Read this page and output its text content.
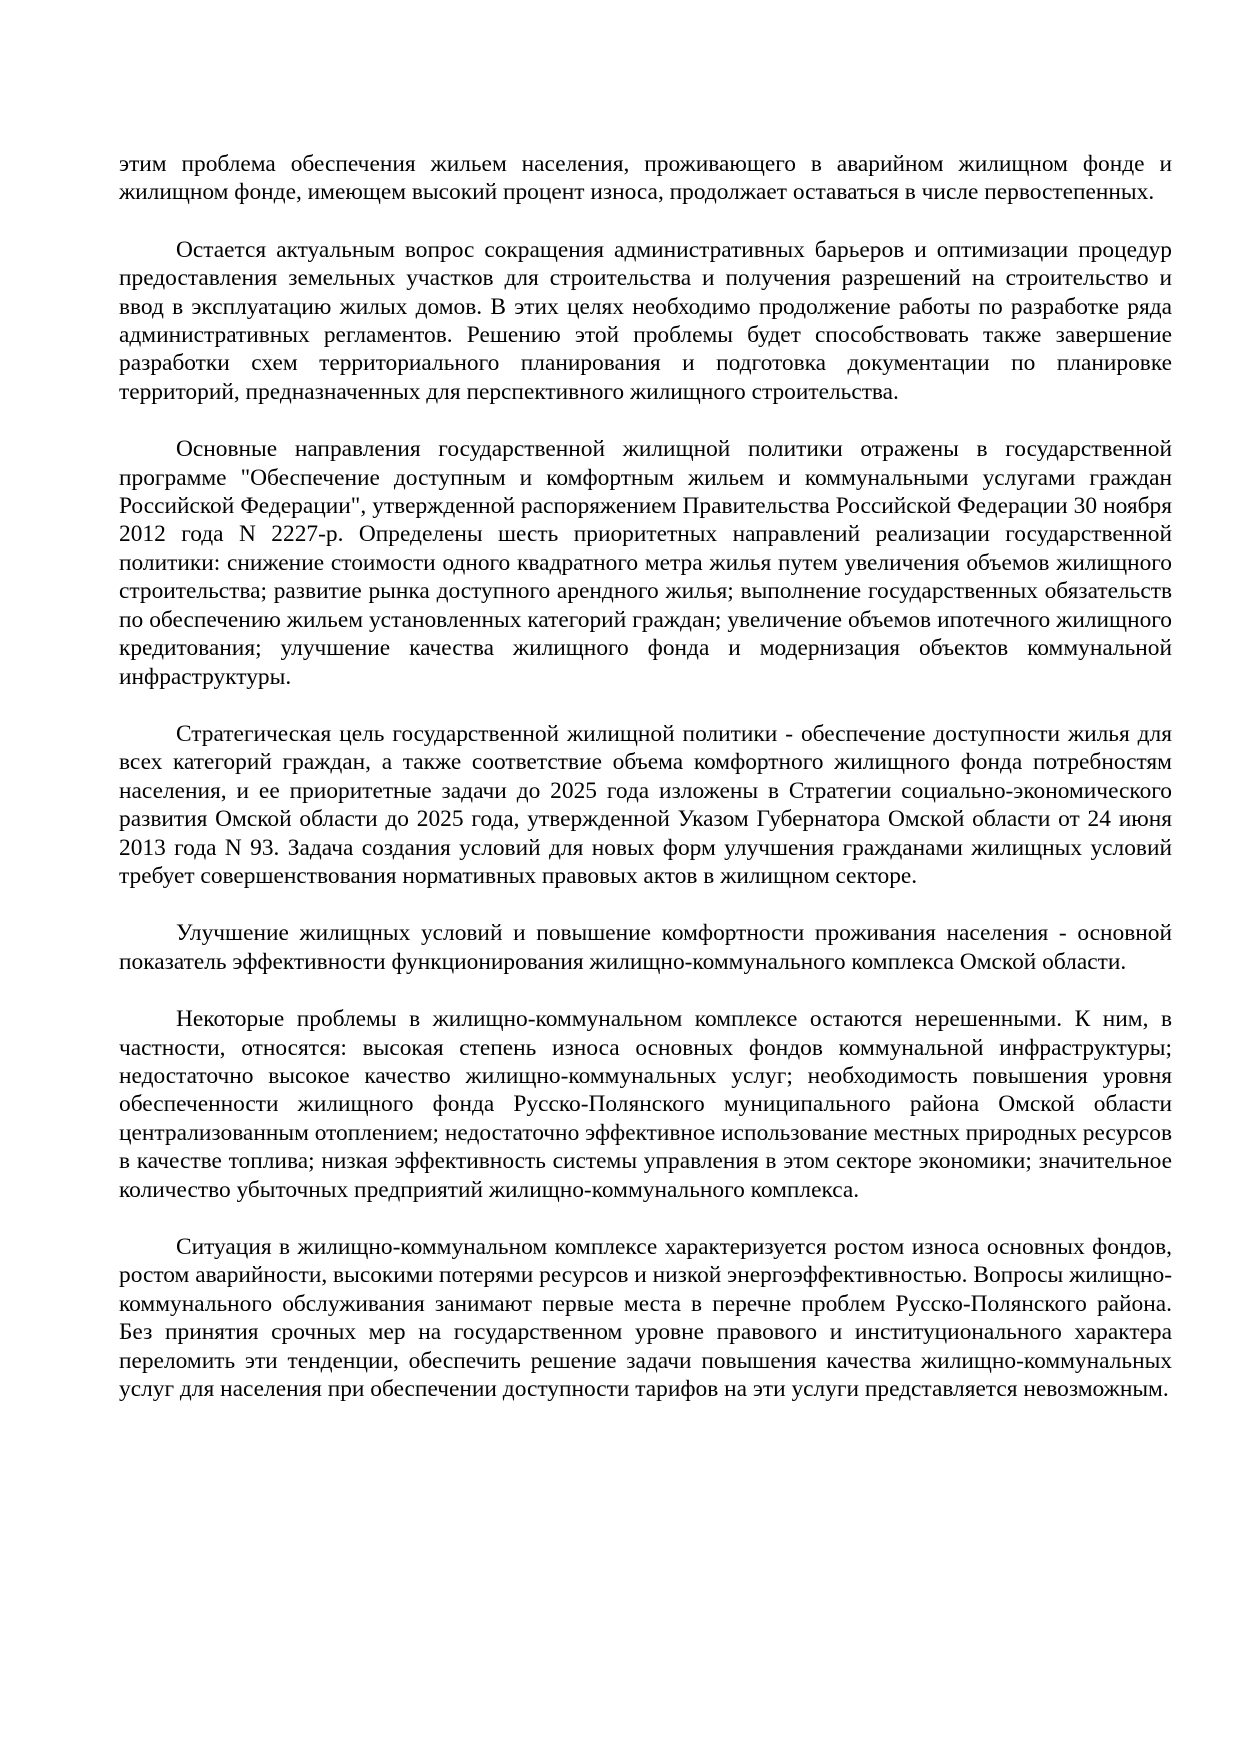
этим проблема обеспечения жильем населения, проживающего в аварийном жилищном фонде и жилищном фонде, имеющем высокий процент износа, продолжает оставаться в числе первостепенных.

Остается актуальным вопрос сокращения административных барьеров и оптимизации процедур предоставления земельных участков для строительства и получения разрешений на строительство и ввод в эксплуатацию жилых домов. В этих целях необходимо продолжение работы по разработке ряда административных регламентов. Решению этой проблемы будет способствовать также завершение разработки схем территориального планирования и подготовка документации по планировке территорий, предназначенных для перспективного жилищного строительства.

Основные направления государственной жилищной политики отражены в государственной программе "Обеспечение доступным и комфортным жильем и коммунальными услугами граждан Российской Федерации", утвержденной распоряжением Правительства Российской Федерации 30 ноября 2012 года N 2227-р. Определены шесть приоритетных направлений реализации государственной политики: снижение стоимости одного квадратного метра жилья путем увеличения объемов жилищного строительства; развитие рынка доступного арендного жилья; выполнение государственных обязательств по обеспечению жильем установленных категорий граждан; увеличение объемов ипотечного жилищного кредитования; улучшение качества жилищного фонда и модернизация объектов коммунальной инфраструктуры.

Стратегическая цель государственной жилищной политики - обеспечение доступности жилья для всех категорий граждан, а также соответствие объема комфортного жилищного фонда потребностям населения, и ее приоритетные задачи до 2025 года изложены в Стратегии социально-экономического развития Омской области до 2025 года, утвержденной Указом Губернатора Омской области от 24 июня 2013 года N 93. Задача создания условий для новых форм улучшения гражданами жилищных условий требует совершенствования нормативных правовых актов в жилищном секторе.

Улучшение жилищных условий и повышение комфортности проживания населения - основной показатель эффективности функционирования жилищно-коммунального комплекса Омской области.

Некоторые проблемы в жилищно-коммунальном комплексе остаются нерешенными. К ним, в частности, относятся: высокая степень износа основных фондов коммунальной инфраструктуры; недостаточно высокое качество жилищно-коммунальных услуг; необходимость повышения уровня обеспеченности жилищного фонда Русско-Полянского муниципального района Омской области централизованным отоплением; недостаточно эффективное использование местных природных ресурсов в качестве топлива; низкая эффективность системы управления в этом секторе экономики; значительное количество убыточных предприятий жилищно-коммунального комплекса.

Ситуация в жилищно-коммунальном комплексе характеризуется ростом износа основных фондов, ростом аварийности, высокими потерями ресурсов и низкой энергоэффективностью. Вопросы жилищно-коммунального обслуживания занимают первые места в перечне проблем Русско-Полянского района. Без принятия срочных мер на государственном уровне правового и институционального характера переломить эти тенденции, обеспечить решение задачи повышения качества жилищно-коммунальных услуг для населения при обеспечении доступности тарифов на эти услуги представляется невозможным.
